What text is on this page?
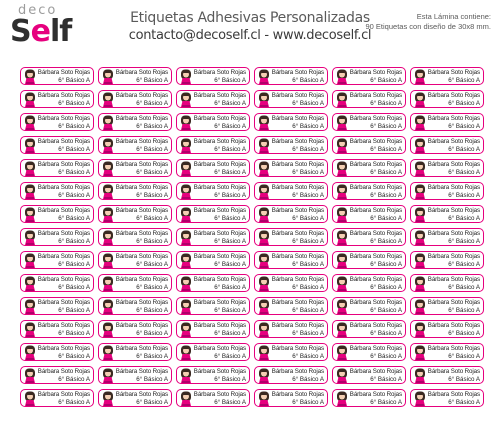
deco
Self	Etiquetas Adhesivas Personalizadas
contacto@decoself.cl - www.decoself.cl
Esta Lámina contiene:
90 Etiquetas con diseño de 30x8 mm.
Bárbara Soto Rojas
6° Básico A
Bárbara Soto Rojas
6° Básico A
Bárbara Soto Rojas
6° Básico A
Bárbara Soto Rojas
6° Básico A
Bárbara Soto Rojas
6° Básico A
Bárbara Soto Rojas
6° Básico A
Bárbara Soto Rojas
6° Básico A
Bárbara Soto Rojas
6° Básico A
Bárbara Soto Rojas
6° Básico A
Bárbara Soto Rojas
6° Básico A
Bárbara Soto Rojas
6° Básico A
Bárbara Soto Rojas
6° Básico A
Bárbara Soto Rojas
6° Básico A
Bárbara Soto Rojas
6° Básico A
Bárbara Soto Rojas
6° Básico A
Bárbara Soto Rojas
6° Básico A
Bárbara Soto Rojas
6° Básico A
Bárbara Soto Rojas
6° Básico A
Bárbara Soto Rojas
6° Básico A
Bárbara Soto Rojas
6° Básico A
Bárbara Soto Rojas
6° Básico A
Bárbara Soto Rojas
6° Básico A
Bárbara Soto Rojas
6° Básico A
Bárbara Soto Rojas
6° Básico A
Bárbara Soto Rojas
6° Básico A
Bárbara Soto Rojas
6° Básico A
Bárbara Soto Rojas
6° Básico A
Bárbara Soto Rojas
6° Básico A
Bárbara Soto Rojas
6° Básico A
Bárbara Soto Rojas
6° Básico A
Bárbara Soto Rojas
6° Básico A
Bárbara Soto Rojas
6° Básico A
Bárbara Soto Rojas
6° Básico A
Bárbara Soto Rojas
6° Básico A
Bárbara Soto Rojas
6° Básico A
Bárbara Soto Rojas
6° Básico A
Bárbara Soto Rojas
6° Básico A
Bárbara Soto Rojas
6° Básico A
Bárbara Soto Rojas
6° Básico A
Bárbara Soto Rojas
6° Básico A
Bárbara Soto Rojas
6° Básico A
Bárbara Soto Rojas
6° Básico A
Bárbara Soto Rojas
6° Básico A
Bárbara Soto Rojas
6° Básico A
Bárbara Soto Rojas
6° Básico A
Bárbara Soto Rojas
6° Básico A
Bárbara Soto Rojas
6° Básico A
Bárbara Soto Rojas
6° Básico A
Bárbara Soto Rojas
6° Básico A
Bárbara Soto Rojas
6° Básico A
Bárbara Soto Rojas
6° Básico A
Bárbara Soto Rojas
6° Básico A
Bárbara Soto Rojas
6° Básico A
Bárbara Soto Rojas
6° Básico A
Bárbara Soto Rojas
6° Básico A
Bárbara Soto Rojas
6° Básico A
Bárbara Soto Rojas
6° Básico A
Bárbara Soto Rojas
6° Básico A
Bárbara Soto Rojas
6° Básico A
Bárbara Soto Rojas
6° Básico A
Bárbara Soto Rojas
6° Básico A
Bárbara Soto Rojas
6° Básico A
Bárbara Soto Rojas
6° Básico A
Bárbara Soto Rojas
6° Básico A
Bárbara Soto Rojas
6° Básico A
Bárbara Soto Rojas
6° Básico A
Bárbara Soto Rojas
6° Básico A
Bárbara Soto Rojas
6° Básico A
Bárbara Soto Rojas
6° Básico A
Bárbara Soto Rojas
6° Básico A
Bárbara Soto Rojas
6° Básico A
Bárbara Soto Rojas
6° Básico A
Bárbara Soto Rojas
6° Básico A
Bárbara Soto Rojas
6° Básico A
Bárbara Soto Rojas
6° Básico A
Bárbara Soto Rojas
6° Básico A
Bárbara Soto Rojas
6° Básico A
Bárbara Soto Rojas
6° Básico A
Bárbara Soto Rojas
6° Básico A
Bárbara Soto Rojas
6° Básico A
Bárbara Soto Rojas
6° Básico A
Bárbara Soto Rojas
6° Básico A
Bárbara Soto Rojas
6° Básico A
Bárbara Soto Rojas
6° Básico A
Bárbara Soto Rojas
6° Básico A
Bárbara Soto Rojas
6° Básico A
Bárbara Soto Rojas
6° Básico A
Bárbara Soto Rojas
6° Básico A
Bárbara Soto Rojas
6° Básico A
Bárbara Soto Rojas
6° Básico A
